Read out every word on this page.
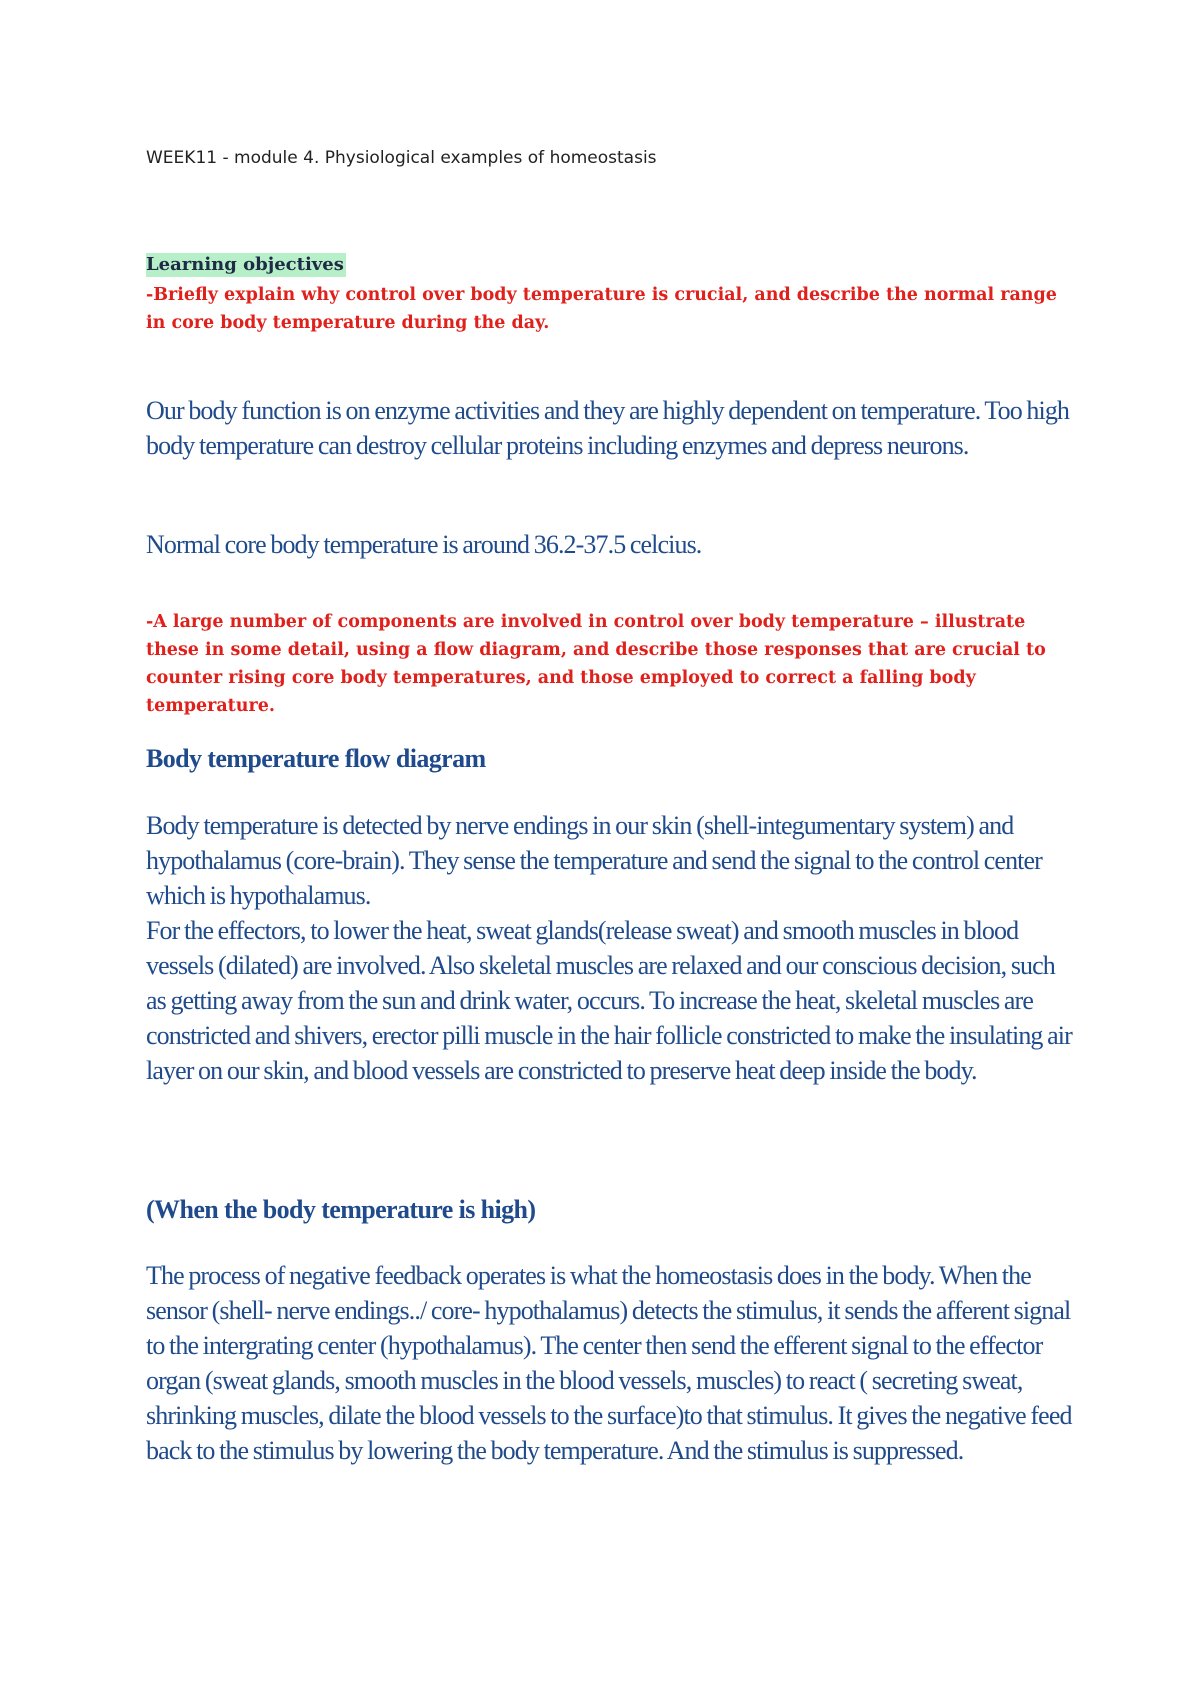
WEEK11 - module 4. Physiological examples of homeostasis
Learning objectives

-Briefly explain why control over body temperature is crucial, and describe the normal range in core body temperature during the day.

Our body function is on enzyme activities and they are highly dependent on temperature. Too high body temperature can destroy cellular proteins including enzymes and depress neurons.

Normal core body temperature is around 36.2-37.5 celcius.

-A large number of components are involved in control over body temperature – illustrate these in some detail, using a flow diagram, and describe those responses that are crucial to counter rising core body temperatures, and those employed to correct a falling body temperature.

Body temperature flow diagram

Body temperature is detected by nerve endings in our skin (shell-integumentary system) and hypothalamus (core-brain). They sense the temperature and send the signal to the control center which is hypothalamus.

For the effectors, to lower the heat, sweat glands(release sweat) and smooth muscles in blood vessels (dilated) are involved. Also skeletal muscles are relaxed and our conscious decision, such as getting away from the sun and drink water, occurs. To increase the heat, skeletal muscles are constricted and shivers, erector pilli muscle in the hair follicle constricted to make the insulating air layer on our skin, and blood vessels are constricted to preserve heat deep inside the body.

(When the body temperature is high)

The process of negative feedback operates is what the homeostasis does in the body. When the sensor (shell- nerve endings../ core- hypothalamus) detects the stimulus, it sends the afferent signal to the intergrating center (hypothalamus). The center then send the efferent signal to the effector organ (sweat glands, smooth muscles in the blood vessels, muscles) to react ( secreting sweat, shrinking muscles, dilate the blood vessels to the surface)to that stimulus. It gives the negative feed back to the stimulus by lowering the body temperature. And the stimulus is suppressed.
